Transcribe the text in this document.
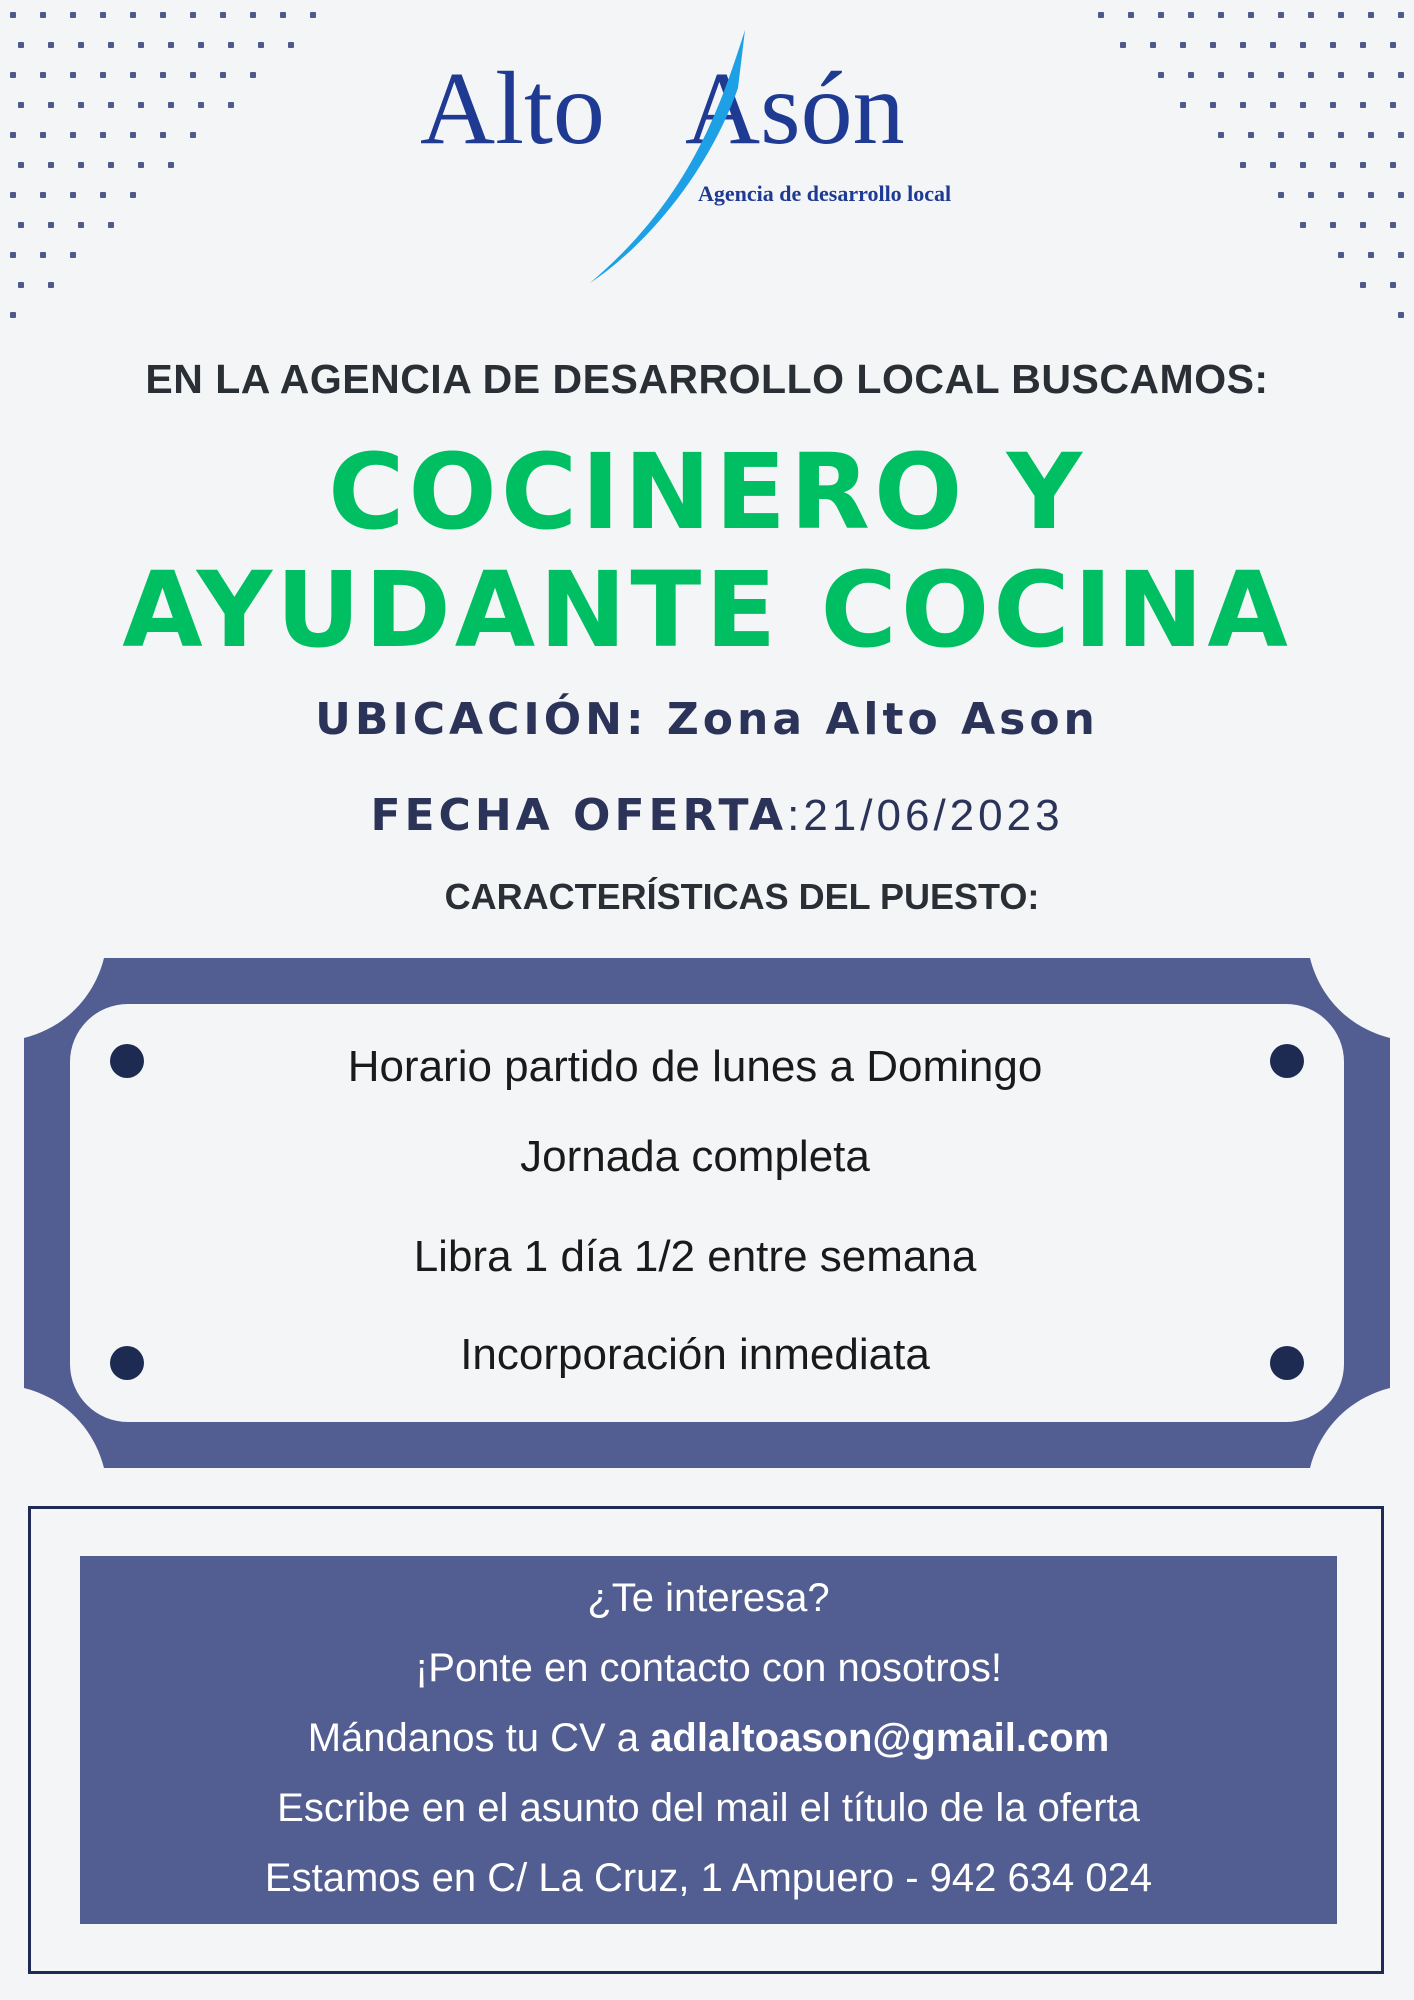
Alto Asón
Agencia de desarrollo local
EN LA AGENCIA DE DESARROLLO LOCAL BUSCAMOS:
COCINERO Y
AYUDANTE COCINA
UBICACIÓN: Zona Alto Ason
FECHA OFERTA:21/06/2023
CARACTERÍSTICAS DEL PUESTO:
Horario partido de lunes a Domingo
Jornada completa
Libra 1 día 1/2 entre semana
Incorporación inmediata
¿Te interesa?
¡Ponte en contacto con nosotros!
Mándanos tu CV a adlaltoason@gmail.com
Escribe en el asunto del mail el título de la oferta
Estamos en C/ La Cruz, 1 Ampuero - 942 634 024
